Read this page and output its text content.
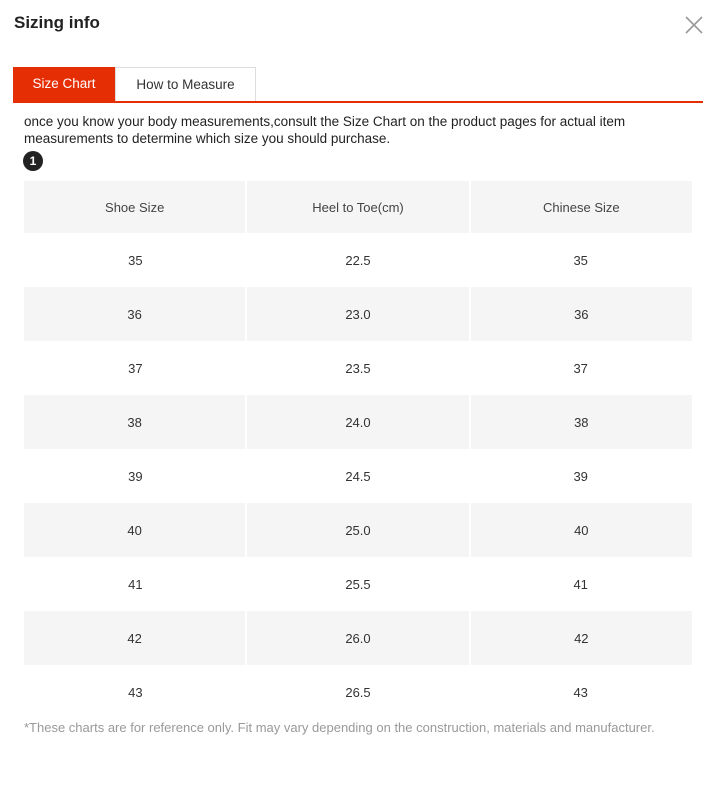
Sizing info
Size Chart	How to Measure
once you know your body measurements,consult the Size Chart on the product pages for actual item measurements to determine which size you should purchase.
1
Shoe Size	Heel to Toe(cm)	Chinese Size
35	22.5	35
36	23.0	36
37	23.5	37
38	24.0	38
39	24.5	39
40	25.0	40
41	25.5	41
42	26.0	42
43	26.5	43
*These charts are for reference only. Fit may vary depending on the construction, materials and manufacturer.
